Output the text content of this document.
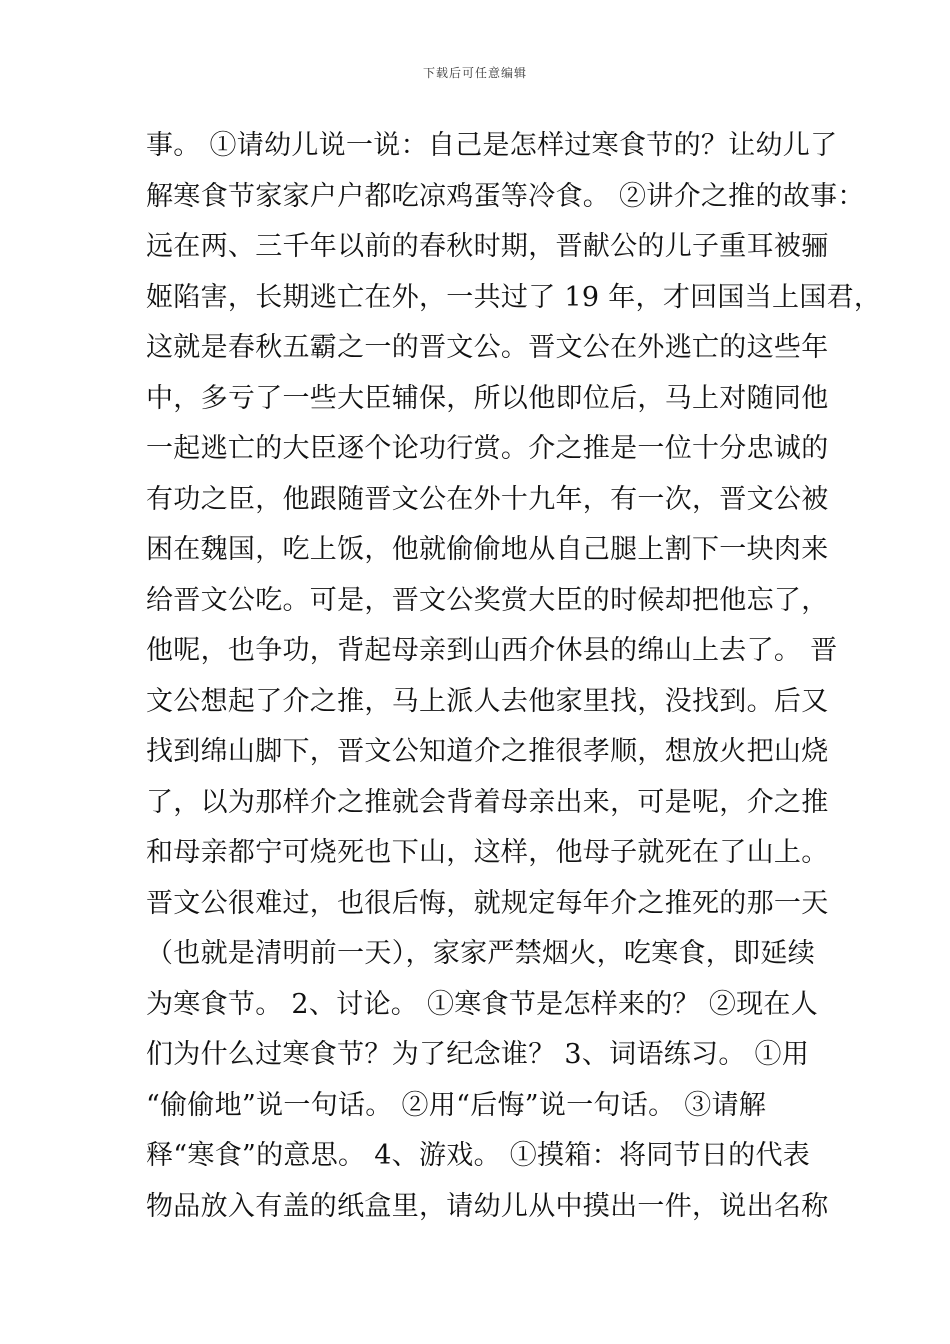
下载后可任意编辑
事。 ①请幼儿说一说：自己是怎样过寒食节的？让幼儿了
解寒食节家家户户都吃凉鸡蛋等冷食。 ②讲介之推的故事：
远在两、三千年以前的春秋时期，晋献公的儿子重耳被骊
姬陷害，长期逃亡在外，一共过了 19 年，才回国当上国君，
这就是春秋五霸之一的晋文公。晋文公在外逃亡的这些年
中，多亏了一些大臣辅保，所以他即位后，马上对随同他
一起逃亡的大臣逐个论功行赏。介之推是一位十分忠诚的
有功之臣，他跟随晋文公在外十九年，有一次，晋文公被
困在魏国，吃上饭，他就偷偷地从自己腿上割下一块肉来
给晋文公吃。可是，晋文公奖赏大臣的时候却把他忘了，
他呢，也争功，背起母亲到山西介休县的绵山上去了。 晋
文公想起了介之推，马上派人去他家里找，没找到。后又
找到绵山脚下，晋文公知道介之推很孝顺，想放火把山烧
了，以为那样介之推就会背着母亲出来，可是呢，介之推
和母亲都宁可烧死也下山，这样，他母子就死在了山上。
晋文公很难过，也很后悔，就规定每年介之推死的那一天
（也就是清明前一天），家家严禁烟火，吃寒食，即延续
为寒食节。 2、讨论。 ①寒食节是怎样来的？ ②现在人
们为什么过寒食节？为了纪念谁？ 3、词语练习。 ①用
“偷偷地”说一句话。 ②用“后悔”说一句话。 ③请解
释“寒食”的意思。 4、游戏。 ①摸箱：将同节日的代表
物品放入有盖的纸盒里，请幼儿从中摸出一件，说出名称
